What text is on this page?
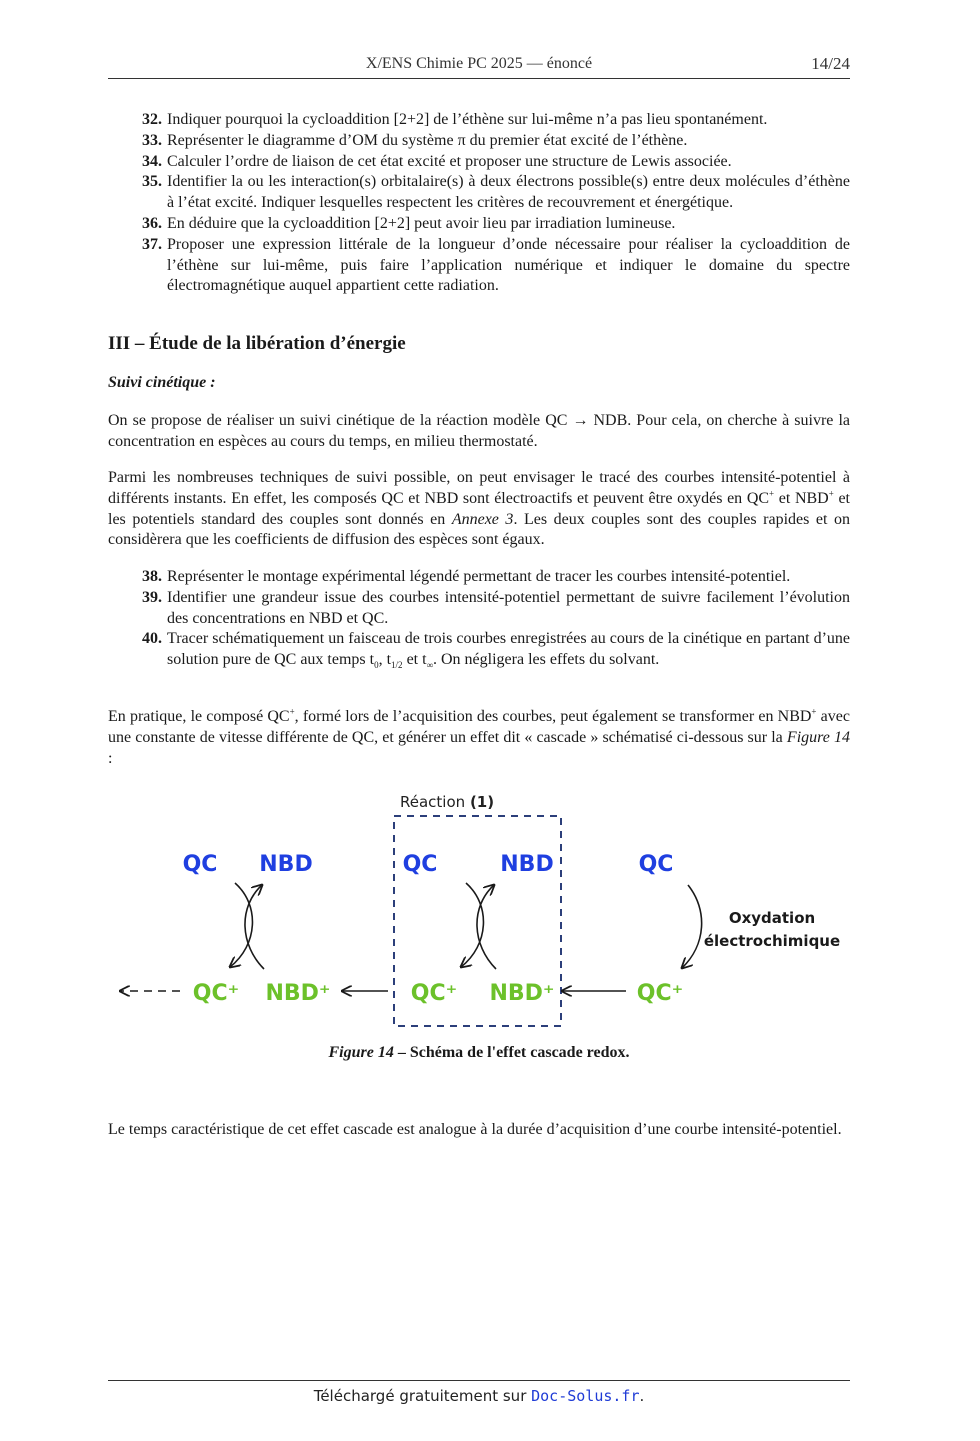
X/ENS Chimie PC 2025 — énoncé	14/24
32. Indiquer pourquoi la cycloaddition [2+2] de l’éthène sur lui-même n’a pas lieu spontanément.
33. Représenter le diagramme d’OM du système π du premier état excité de l’éthène.
34. Calculer l’ordre de liaison de cet état excité et proposer une structure de Lewis associée.
35. Identifier la ou les interaction(s) orbitalaire(s) à deux électrons possible(s) entre deux molécules d’éthène à l’état excité. Indiquer lesquelles respectent les critères de recouvrement et énergétique.
36. En déduire que la cycloaddition [2+2] peut avoir lieu par irradiation lumineuse.
37. Proposer une expression littérale de la longueur d’onde nécessaire pour réaliser la cycloaddition de l’éthène sur lui-même, puis faire l’application numérique et indiquer le domaine du spectre électromagnétique auquel appartient cette radiation.
III – Étude de la libération d’énergie
Suivi cinétique :
On se propose de réaliser un suivi cinétique de la réaction modèle QC → NDB. Pour cela, on cherche à suivre la concentration en espèces au cours du temps, en milieu thermostaté.
Parmi les nombreuses techniques de suivi possible, on peut envisager le tracé des courbes intensité-potentiel à différents instants. En effet, les composés QC et NBD sont électroactifs et peuvent être oxydés en QC+ et NBD+ et les potentiels standard des couples sont donnés en Annexe 3. Les deux couples sont des couples rapides et on considèrera que les coefficients de diffusion des espèces sont égaux.
38. Représenter le montage expérimental légendé permettant de tracer les courbes intensité-potentiel.
39. Identifier une grandeur issue des courbes intensité-potentiel permettant de suivre facilement l’évolution des concentrations en NBD et QC.
40. Tracer schématiquement un faisceau de trois courbes enregistrées au cours de la cinétique en partant d’une solution pure de QC aux temps $t_0$, $t_{1/2}$ et $t_\infty$. On négligera les effets du solvant.
En pratique, le composé QC+, formé lors de l’acquisition des courbes, peut également se transformer en NBD+ avec une constante de vitesse différente de QC, et générer un effet dit « cascade » schématisé ci-dessous sur la Figure 14 :
Réaction (1)
QC NBD	QC	NBD	QC
QC⁺ NBD⁺	QC⁺ NBD⁺	QC⁺
Oxydation
électrochimique
Figure 14 – Schéma de l'effet cascade redox.
Le temps caractéristique de cet effet cascade est analogue à la durée d’acquisition d’une courbe intensité-potentiel.
Téléchargé gratuitement sur Doc-Solus.fr.
